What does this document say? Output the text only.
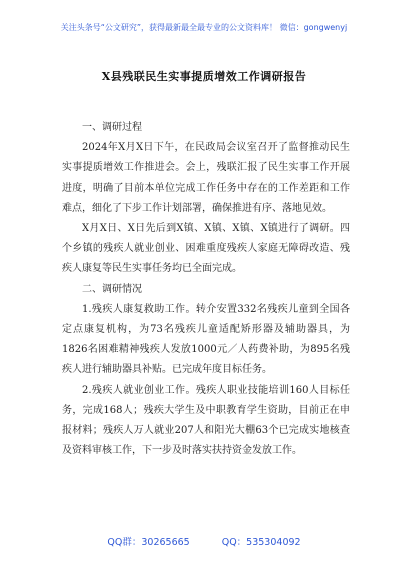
关注头条号“公文研究”，获得最新最全最专业的公文资料库！ 微信：gongwenyj
X县残联民生实事提质增效工作调研报告

一、调研过程

2024年X月X日下午，在民政局会议室召开了监督推动民生实事提质增效工作推进会。会上，残联汇报了民生实事工作开展进度，明确了目前本单位完成工作任务中存在的工作差距和工作难点，细化了下步工作计划部署，确保推进有序、落地见效。

X月X日、X日先后到X镇、X镇、X镇、X镇进行了调研。四个乡镇的残疾人就业创业、困难重度残疾人家庭无障碍改造、残疾人康复等民生实事任务均已全面完成。

二、调研情况

1.残疾人康复救助工作。转介安置332名残疾儿童到全国各定点康复机构，为73名残疾儿童适配矫形器及辅助器具，为1826名困难精神残疾人发放1000元／人药费补助，为895名残疾人进行辅助器具补贴。已完成年度目标任务。

2.残疾人就业创业工作。残疾人职业技能培训160人目标任务，完成168人；残疾大学生及中职教育学生资助，目前正在申报材料；残疾人万人就业207人和阳光大棚63个已完成实地核查及资料审核工作，下一步及时落实扶持资金发放工作。

QQ群：30265665	QQ：535304092
